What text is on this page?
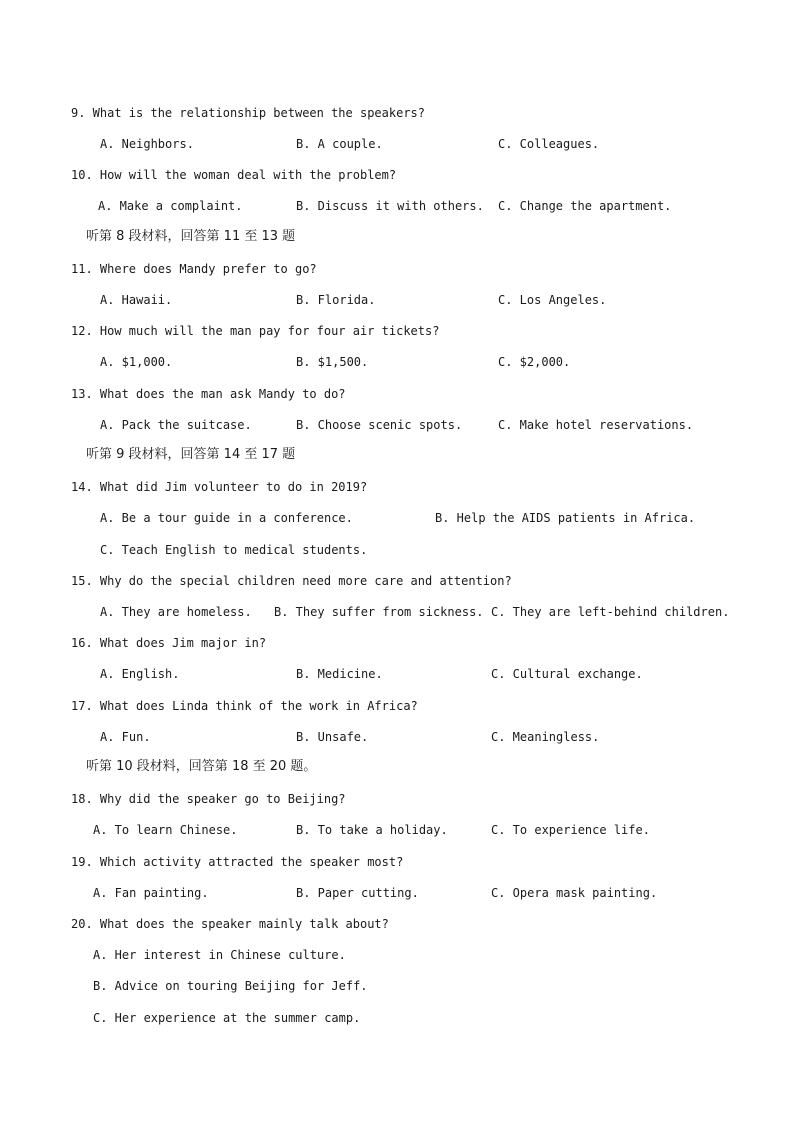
9. What is the relationship between the speakers?
A. Neighbors.	B. A couple.	C. Colleagues.
10. How will the woman deal with the problem?
A. Make a complaint.	B. Discuss it with others. C. Change the apartment.
听第 8 段材料，回答第 11 至 13 题
11. Where does Mandy prefer to go?
A. Hawaii.	B. Florida.	C. Los Angeles.
12. How much will the man pay for four air tickets?
A. $1,000.	B. $1,500.	C. $2,000.
13. What does the man ask Mandy to do?
A. Pack the suitcase.	B. Choose scenic spots.	C. Make hotel reservations.
听第 9 段材料，回答第 14 至 17 题
14. What did Jim volunteer to do in 2019?
A. Be a tour guide in a conference.	B. Help the AIDS patients in Africa.
C. Teach English to medical students.
15. Why do the special children need more care and attention?
A. They are homeless. B. They suffer from sickness. C. They are left-behind children.
16. What does Jim major in?
A. English.	B. Medicine.	C. Cultural exchange.
17. What does Linda think of the work in Africa?
A. Fun.	B. Unsafe.	C. Meaningless.
听第 10 段材料，回答第 18 至 20 题。
18. Why did the speaker go to Beijing?
A. To learn Chinese.	B. To take a holiday.	C. To experience life.
19. Which activity attracted the speaker most?
A. Fan painting.	B. Paper cutting.	C. Opera mask painting.
20. What does the speaker mainly talk about?
A. Her interest in Chinese culture.
B. Advice on touring Beijing for Jeff.
C. Her experience at the summer camp.
